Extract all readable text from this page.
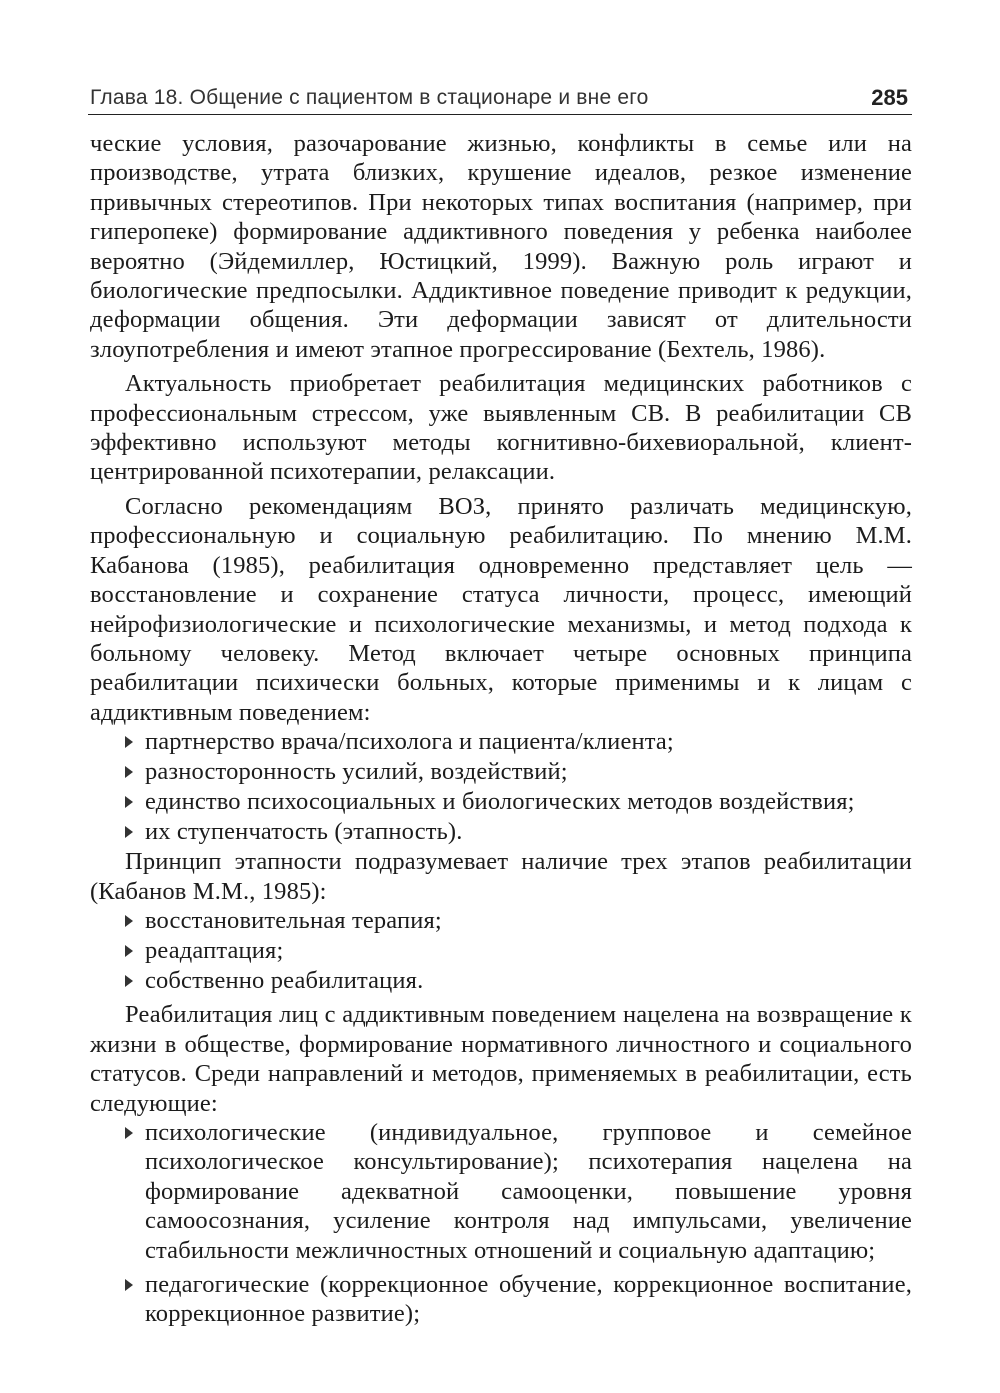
Глава 18. Общение с пациентом в стационаре и вне его	285

ческие условия, разочарование жизнью, конфликты в семье или на производстве, утрата близких, крушение идеалов, резкое изменение привычных стереотипов. При некоторых типах воспитания (например, при гиперопеке) формирование аддиктивного поведения у ребенка наиболее вероятно (Эйдемиллер, Юстицкий, 1999). Важную роль играют и биологические предпосылки. Аддиктивное поведение приводит к редукции, деформации общения. Эти деформации зависят от длительности злоупотребления и имеют этапное прогрессирование (Бехтель, 1986).

Актуальность приобретает реабилитация медицинских работников с профессиональным стрессом, уже выявленным СВ. В реабилитации СВ эффективно используют методы когнитивно-бихевиоральной, клиент-центрированной психотерапии, релаксации.

Согласно рекомендациям ВОЗ, принято различать медицинскую, профессиональную и социальную реабилитацию. По мнению М.М. Кабанова (1985), реабилитация одновременно представляет цель — восстановление и сохранение статуса личности, процесс, имеющий нейрофизиологические и психологические механизмы, и метод подхода к больному человеку. Метод включает четыре основных принципа реабилитации психически больных, которые применимы и к лицам с аддиктивным поведением:

партнерство врача/психолога и пациента/клиента;
разносторонность усилий, воздействий;
единство психосоциальных и биологических методов воздействия;
их ступенчатость (этапность).

Принцип этапности подразумевает наличие трех этапов реабилитации (Кабанов М.М., 1985):

восстановительная терапия;
реадаптация;
собственно реабилитация.

Реабилитация лиц с аддиктивным поведением нацелена на возвращение к жизни в обществе, формирование нормативного личностного и социального статусов. Среди направлений и методов, применяемых в реабилитации, есть следующие:

психологические (индивидуальное, групповое и семейное психологическое консультирование); психотерапия нацелена на формирование адекватной самооценки, повышение уровня самоосознания, усиление контроля над импульсами, увеличение стабильности межличностных отношений и социальную адаптацию;
педагогические (коррекционное обучение, коррекционное воспитание, коррекционное развитие);
